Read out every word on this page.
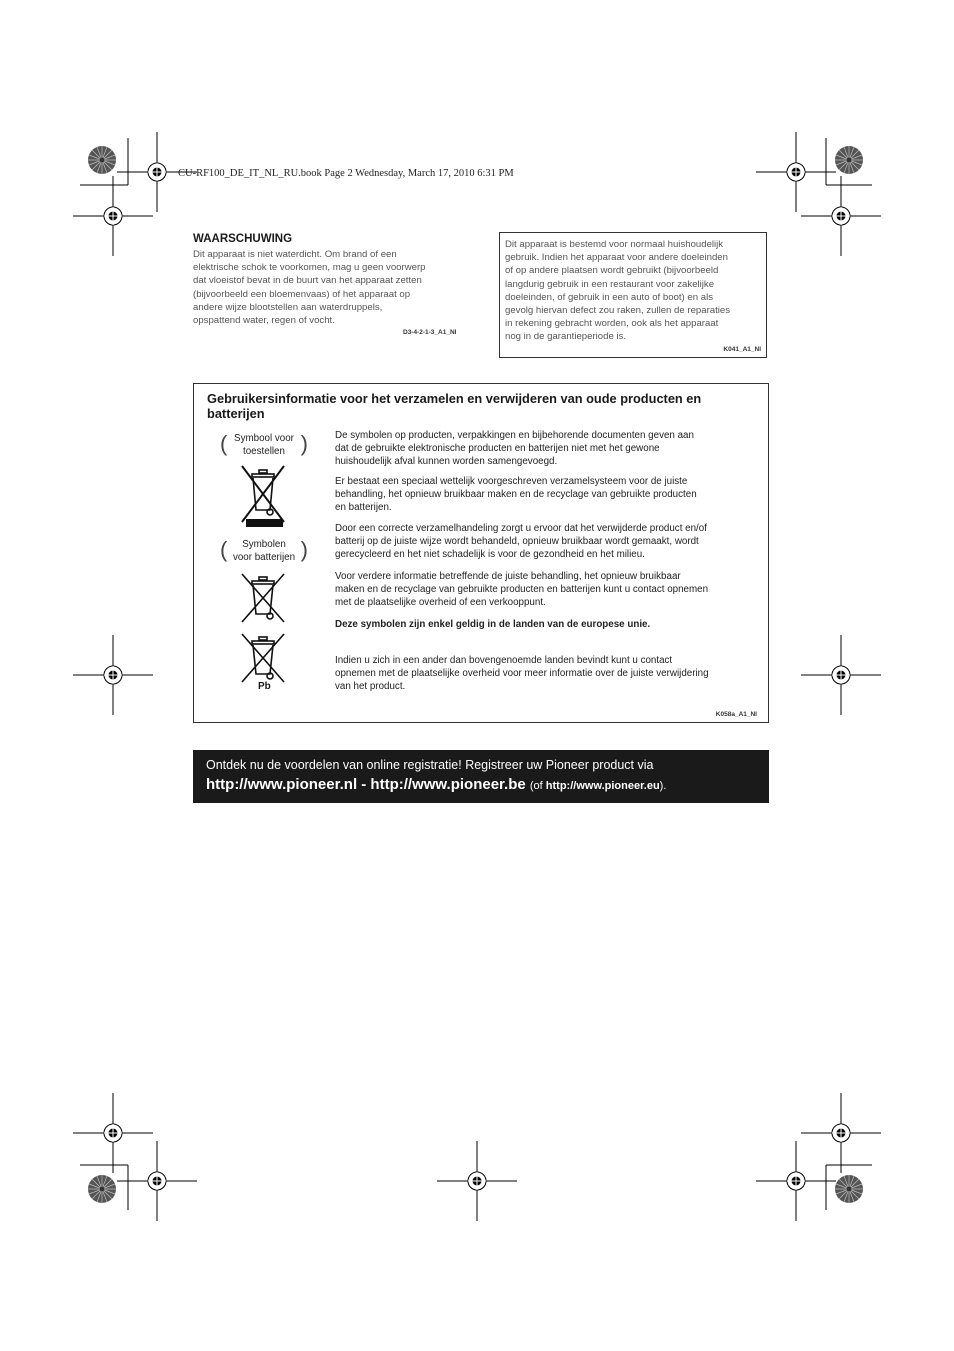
CU-RF100_DE_IT_NL_RU.book Page 2 Wednesday, March 17, 2010 6:31 PM
WAARSCHUWING
Dit apparaat is niet waterdicht. Om brand of een
elektrische schok te voorkomen, mag u geen voorwerp
dat vloeistof bevat in de buurt van het apparaat zetten
(bijvoorbeeld een bloemenvaas) of het apparaat op
andere wijze blootstellen aan waterdruppels,
opspattend water, regen of vocht.
D3-4-2-1-3_A1_Nl
Dit apparaat is bestemd voor normaal huishoudelijk
gebruik. Indien het apparaat voor andere doeleinden
of op andere plaatsen wordt gebruikt (bijvoorbeeld
langdurig gebruik in een restaurant voor zakelijke
doeleinden, of gebruik in een auto of boot) en als
gevolg hiervan defect zou raken, zullen de reparaties
in rekening gebracht worden, ook als het apparaat
nog in de garantieperiode is.
K041_A1_Nl
Gebruikersinformatie voor het verzamelen en verwijderen van oude producten en batterijen
( Symbool voor
toestellen )
(	Symbolen
voor batterijen )
Pb
De symbolen op producten, verpakkingen en bijbehorende documenten geven aan
dat de gebruikte elektronische producten en batterijen niet met het gewone
huishoudelijk afval kunnen worden samengevoegd.
Er bestaat een speciaal wettelijk voorgeschreven verzamelsysteem voor de juiste
behandling, het opnieuw bruikbaar maken en de recyclage van gebruikte producten
en batterijen.
Door een correcte verzamelhandeling zorgt u ervoor dat het verwijderde product en/of
batterij op de juiste wijze wordt behandeld, opnieuw bruikbaar wordt gemaakt, wordt
gerecycleerd en het niet schadelijk is voor de gezondheid en het milieu.
Voor verdere informatie betreffende de juiste behandling, het opnieuw bruikbaar
maken en de recyclage van gebruikte producten en batterijen kunt u contact opnemen
met de plaatselijke overheid of een verkooppunt.
Deze symbolen zijn enkel geldig in de landen van de europese unie.
Indien u zich in een ander dan bovengenoemde landen bevindt kunt u contact
opnemen met de plaatselijke overheid voor meer informatie over de juiste verwijdering
van het product.
K058a_A1_Nl
Ontdek nu de voordelen van online registratie! Registreer uw Pioneer product via
http://www.pioneer.nl - http://www.pioneer.be (of http://www.pioneer.eu).
